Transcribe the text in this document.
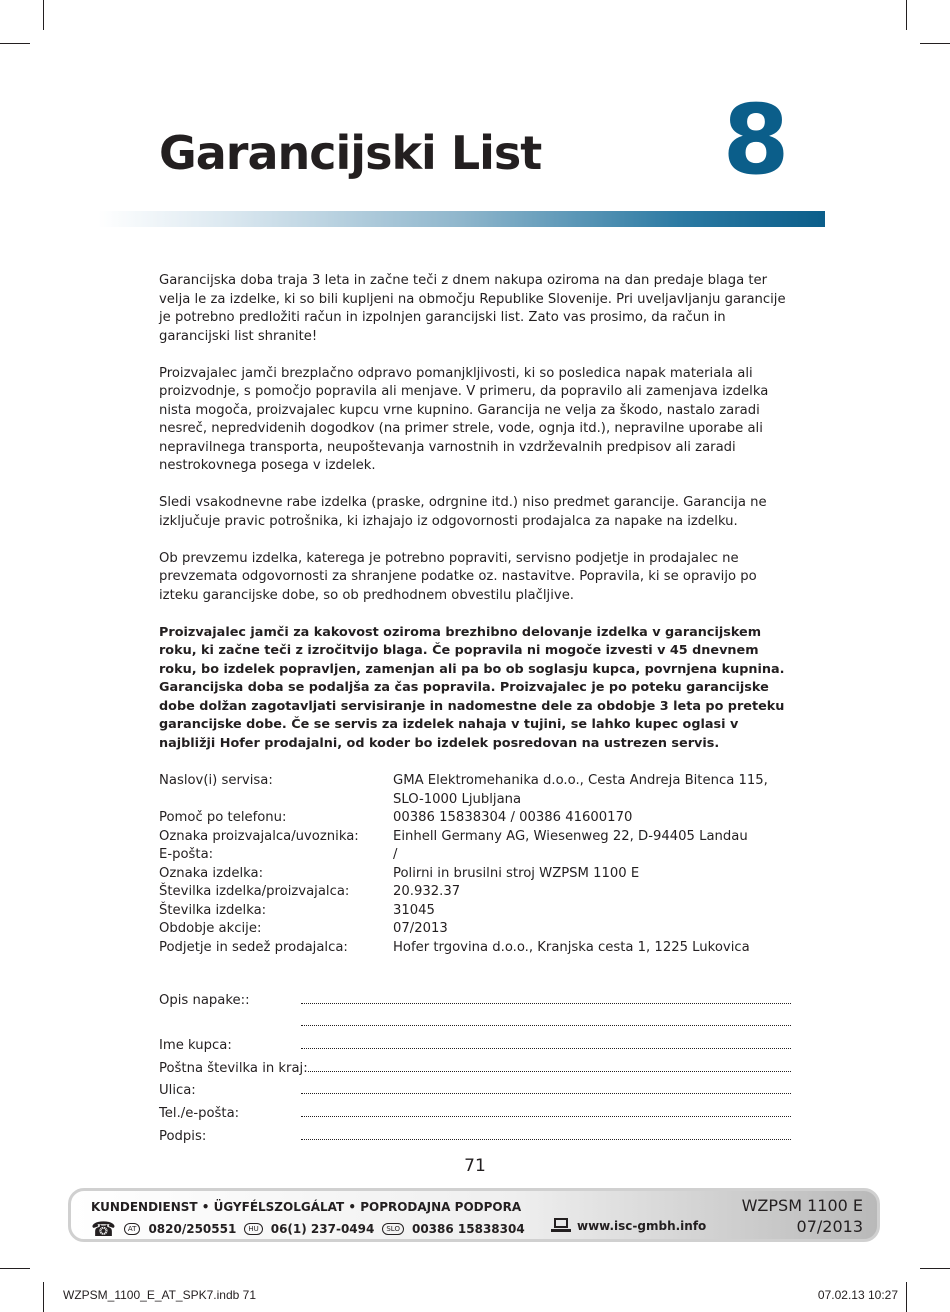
Garancijski List 8

Garancijska doba traja 3 leta in začne teči z dnem nakupa oziroma na dan predaje blaga ter velja le za izdelke, ki so bili kupljeni na območju Republike Slovenije. Pri uveljavljanju garancije je potrebno predložiti račun in izpolnjen garancijski list. Zato vas prosimo, da račun in garancijski list shranite!

Proizvajalec jamči brezplačno odpravo pomanjkljivosti, ki so posledica napak materiala ali proizvodnje, s pomočjo popravila ali menjave. V primeru, da popravilo ali zamenjava izdelka nista mogoča, proizvajalec kupcu vrne kupnino. Garancija ne velja za škodo, nastalo zaradi nesreč, nepredvidenih dogodkov (na primer strele, vode, ognja itd.), nepravilne uporabe ali nepravilnega transporta, neupoštevanja varnostnih in vzdrževalnih predpisov ali zaradi nestrokovnega posega v izdelek.

Sledi vsakodnevne rabe izdelka (praske, odrgnine itd.) niso predmet garancije. Garancija ne izključuje pravic potrošnika, ki izhajajo iz odgovornosti prodajalca za napake na izdelku.

Ob prevzemu izdelka, katerega je potrebno popraviti, servisno podjetje in prodajalec ne prevzemata odgovornosti za shranjene podatke oz. nastavitve. Popravila, ki se opravijo po izteku garancijske dobe, so ob predhodnem obvestilu plačljive.

Proizvajalec jamči za kakovost oziroma brezhibno delovanje izdelka v garancijskem roku, ki začne teči z izročitvijo blaga. Če popravila ni mogoče izvesti v 45 dnevnem roku, bo izdelek popravljen, zamenjan ali pa bo ob soglasju kupca, povrnjena kupnina. Garancijska doba se podaljša za čas popravila. Proizvajalec je po poteku garancijske dobe dolžan zagotavljati servisiranje in nadomestne dele za obdobje 3 leta po preteku garancijske dobe. Če se servis za izdelek nahaja v tujini, se lahko kupec oglasi v najbližji Hofer prodajalni, od koder bo izdelek posredovan na ustrezen servis.

Naslov(i) servisa:	GMA Elektromehanika d.o.o., Cesta Andreja Bitenca 115,
SLO-1000 Ljubljana
Pomoč po telefonu:	00386 15838304 / 00386 41600170
Oznaka proizvajalca/uvoznika:	Einhell Germany AG, Wiesenweg 22, D-94405 Landau
E-pošta:	/
Oznaka izdelka:	Polirni in brusilni stroj WZPSM 1100 E
Številka izdelka/proizvajalca:	20.932.37
Številka izdelka:	31045
Obdobje akcije:	07/2013
Podjetje in sedež prodajalca:	Hofer trgovina d.o.o., Kranjska cesta 1, 1225 Lukovica
Opis napake::
Ime kupca:
Poštna številka in kraj:
Ulica:
Tel./e-pošta:
Podpis:
71
KUNDENDIENST • ÜGYFÉLSZOLGÁLAT • POPRODAJNA PODPORA
☎	AT	0820/250551	HU	06(1) 237-0494	SLO	00386 15838304	www.isc-gmbh.info
WZPSM 1100 E
07/2013
WZPSM_1100_E_AT_SPK7.indb 71	07.02.13 10:27
